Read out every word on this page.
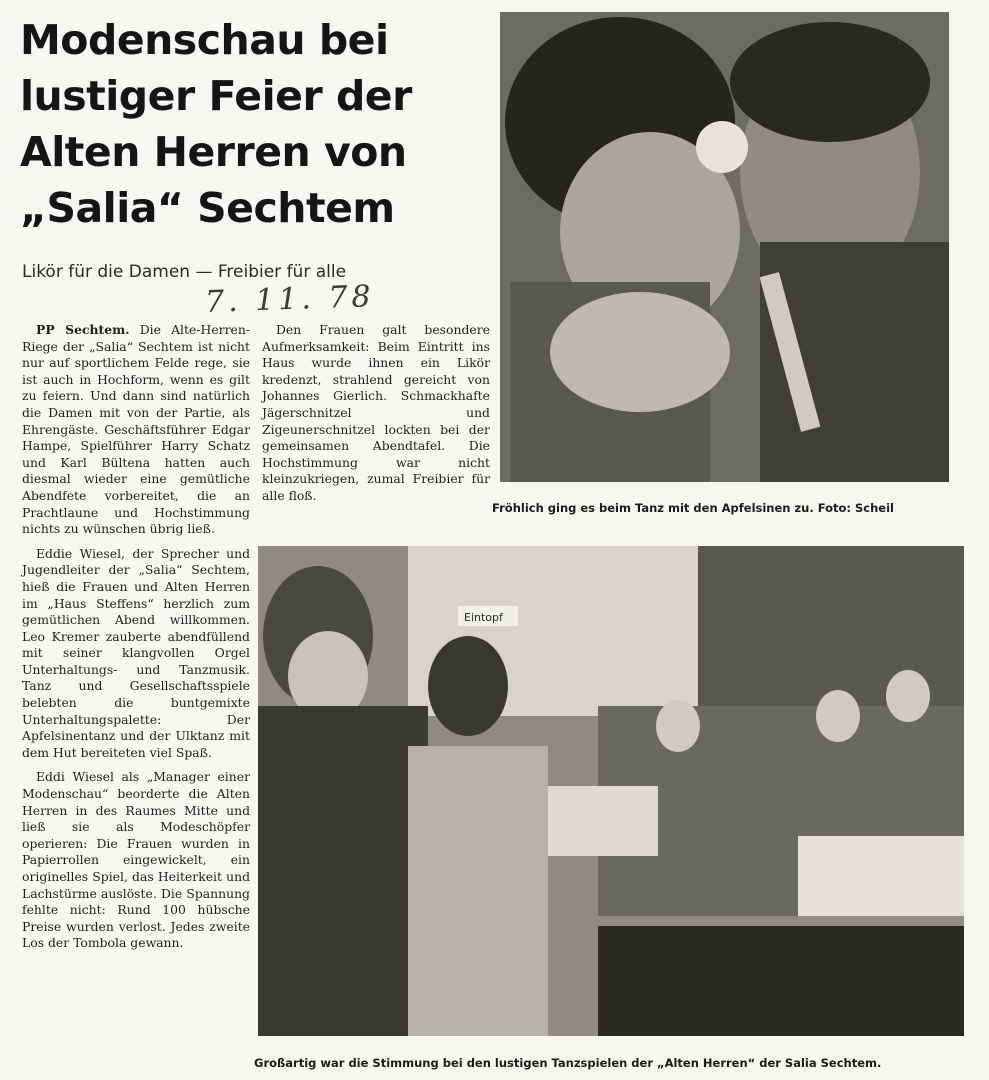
Modenschau bei
lustiger Feier der
Alten Herren von
„Salia“ Sechtem
Likör für die Damen — Freibier für alle
7. 11. 78

PP Sechtem. Die Alte-Herren-Riege der „Salia“ Sechtem ist nicht nur auf sportlichem Felde rege, sie ist auch in Hochform, wenn es gilt zu feiern. Und dann sind natürlich die Damen mit von der Partie, als Ehrengäste. Geschäftsführer Edgar Hampe, Spielführer Harry Schatz und Karl Bültena hatten auch diesmal wieder eine gemütliche Abendfete vorbereitet, die an Prachtlaune und Hochstimmung nichts zu wünschen übrig ließ.

Eddie Wiesel, der Sprecher und Jugendleiter der „Salia“ Sechtem, hieß die Frauen und Alten Herren im „Haus Steffens“ herzlich zum gemütlichen Abend willkommen. Leo Kremer zauberte abendfüllend mit seiner klangvollen Orgel Unterhaltungs- und Tanzmusik. Tanz und Gesellschaftsspiele belebten die buntgemixte Unterhaltungspalette: Der Apfelsinentanz und der Ulktanz mit dem Hut bereiteten viel Spaß.

Eddi Wiesel als „Manager einer Modenschau“ beorderte die Alten Herren in des Raumes Mitte und ließ sie als Modeschöpfer operieren: Die Frauen wurden in Papierrollen eingewickelt, ein originelles Spiel, das Heiterkeit und Lachstürme auslöste. Die Spannung fehlte nicht: Rund 100 hübsche Preise wurden verlost. Jedes zweite Los der Tombola gewann.

Den Frauen galt besondere Aufmerksamkeit: Beim Eintritt ins Haus wurde ihnen ein Likör kredenzt, strahlend gereicht von Johannes Gierlich. Schmackhafte Jägerschnitzel und Zigeunerschnitzel lockten bei der gemeinsamen Abendtafel. Die Hochstimmung war nicht kleinzukriegen, zumal Freibier für alle floß.

Fröhlich ging es beim Tanz mit den Apfelsinen zu. Foto: Scheil
Eintopf
Großartig war die Stimmung bei den lustigen Tanzspielen der „Alten Herren“ der Salia Sechtem.
